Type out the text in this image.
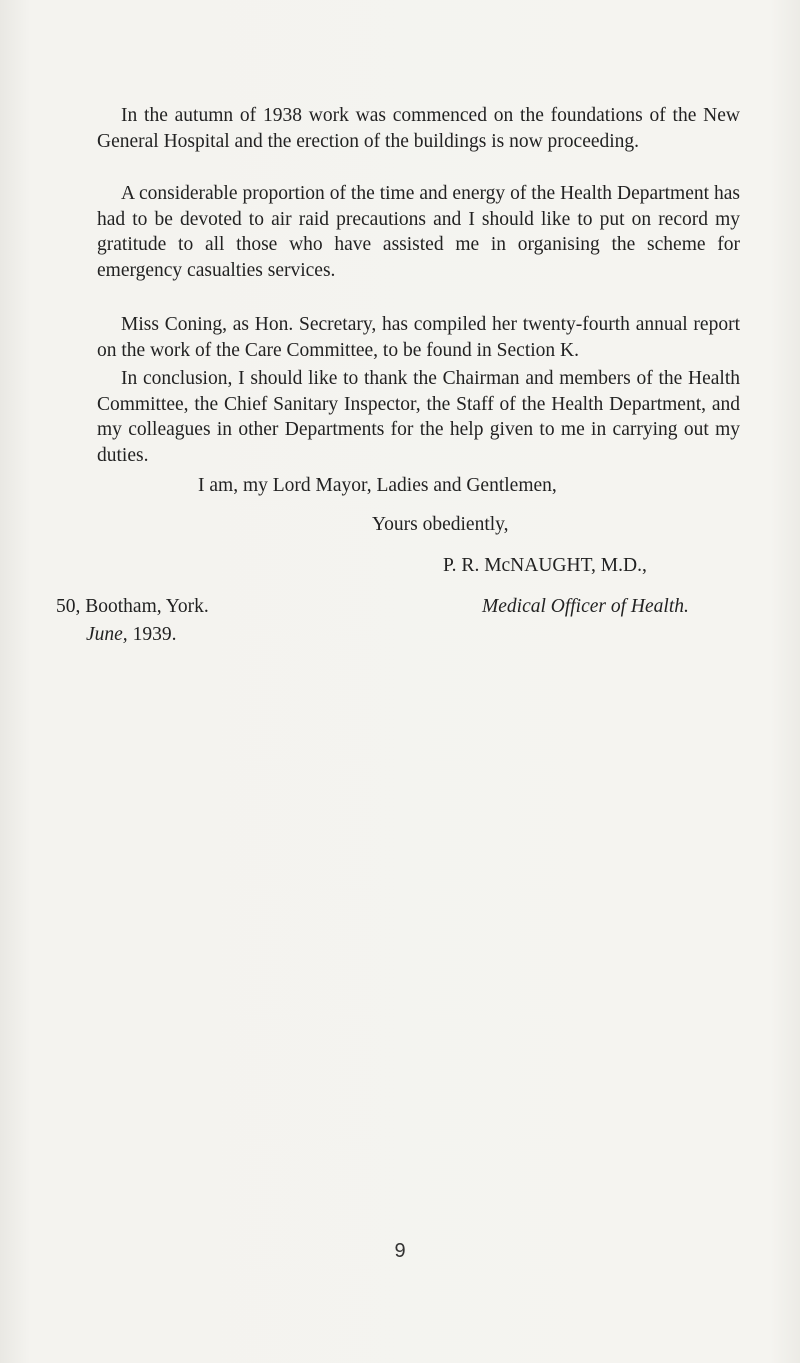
In the autumn of 1938 work was commenced on the foundations of the New General Hospital and the erection of the buildings is now proceeding.

A considerable proportion of the time and energy of the Health Department has had to be devoted to air raid precautions and I should like to put on record my gratitude to all those who have assisted me in organising the scheme for emergency casualties services.

Miss Coning, as Hon. Secretary, has compiled her twenty-fourth annual report on the work of the Care Committee, to be found in Section K.

In conclusion, I should like to thank the Chairman and members of the Health Committee, the Chief Sanitary Inspector, the Staff of the Health Department, and my colleagues in other Departments for the help given to me in carrying out my duties.

I am, my Lord Mayor, Ladies and Gentlemen,
Yours obediently,
P. R. McNAUGHT, M.D.,
50, Bootham, York.	Medical Officer of Health.
June, 1939.
9
